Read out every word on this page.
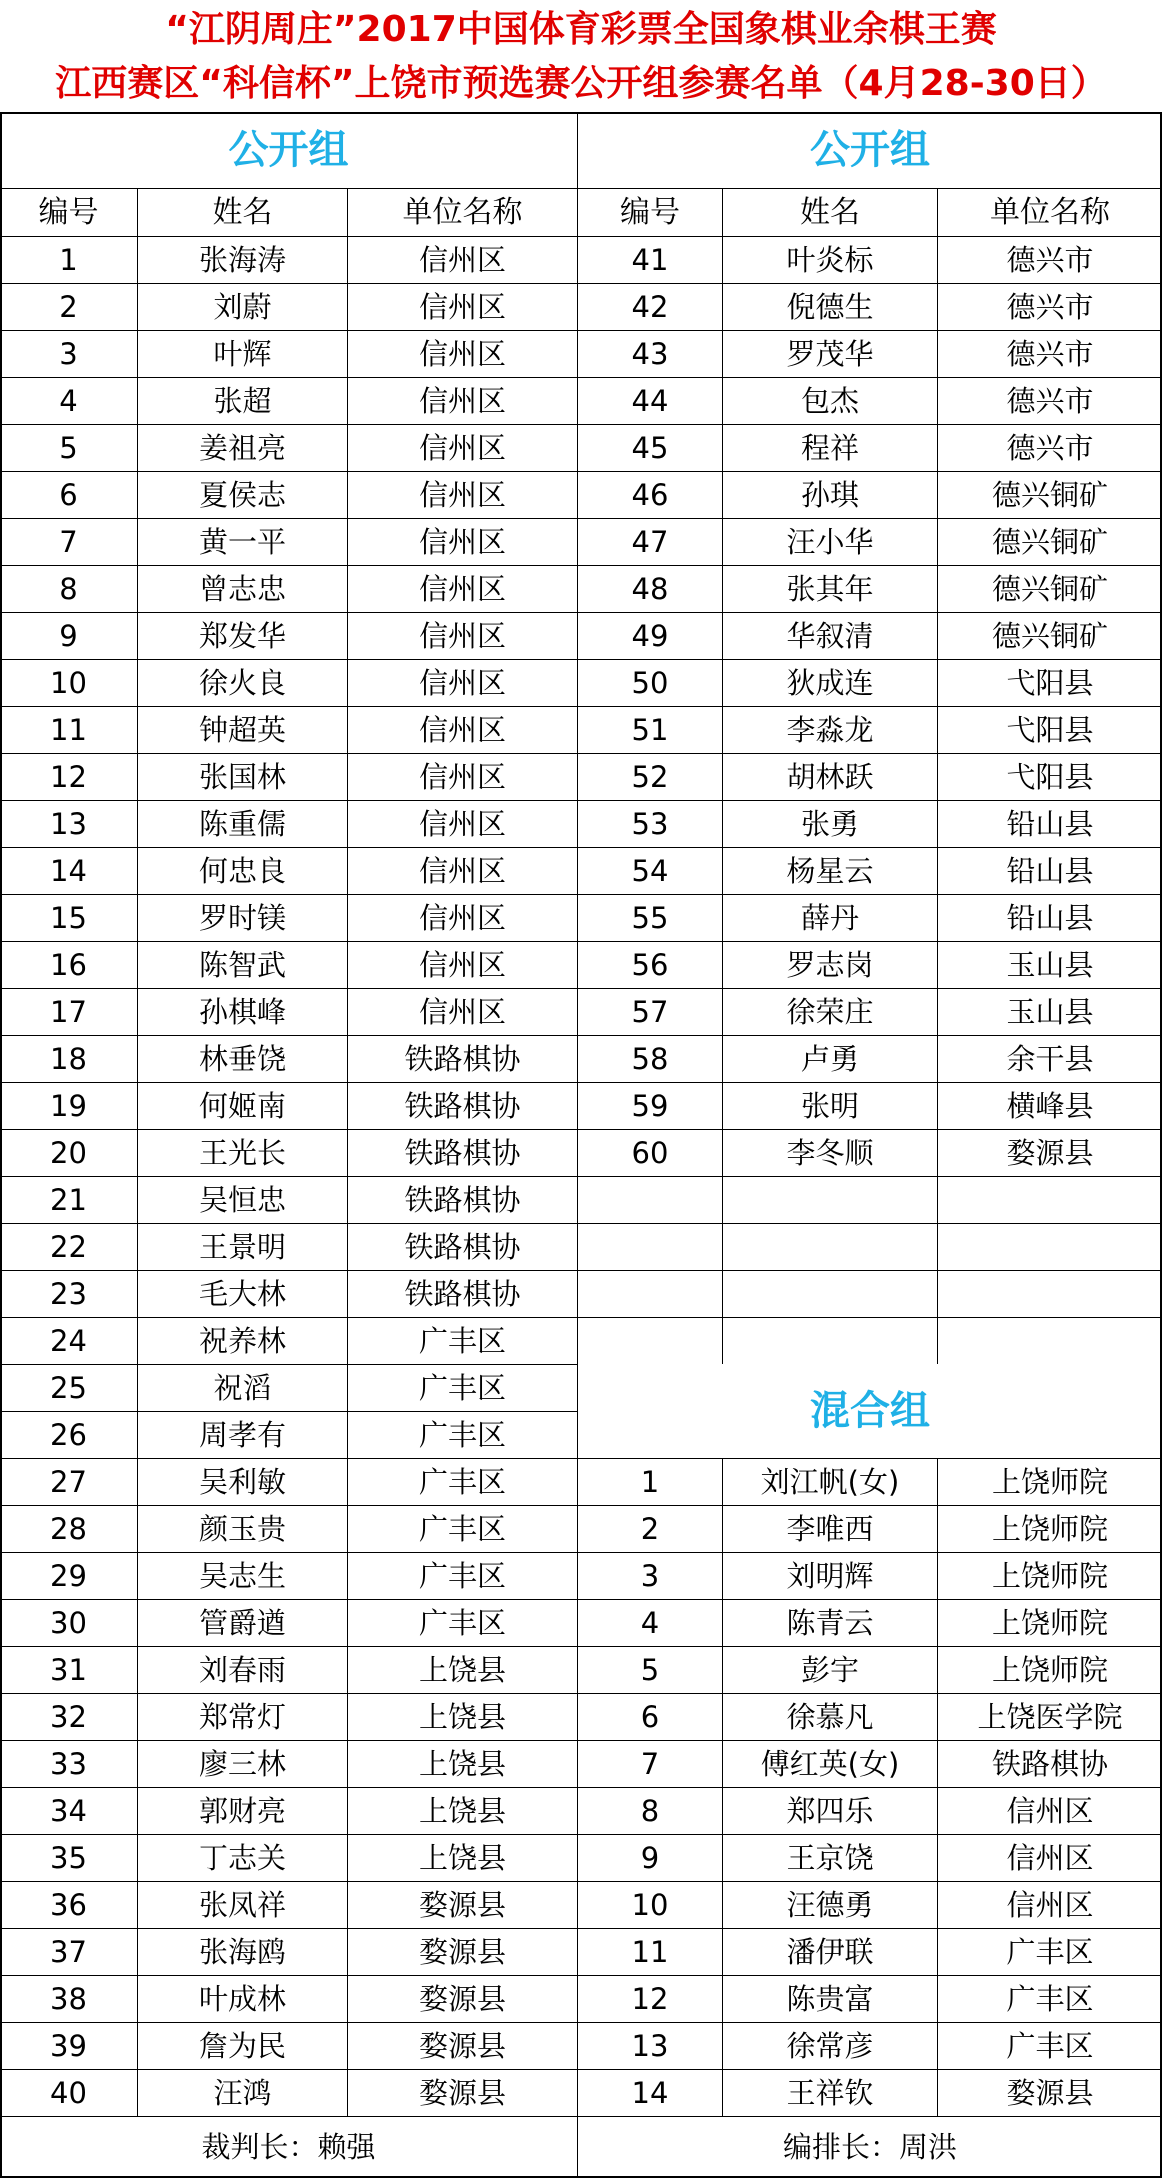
“江阴周庄”2017中国体育彩票全国象棋业余棋王赛
江西赛区“科信杯”上饶市预选赛公开组参赛名单（4月28-30日）
公开组	公开组
混合组
编号	姓名	单位名称	编号	姓名	单位名称
裁判长：赖强	编排长：周洪
1	张海涛	信州区
2	刘蔚	信州区
3	叶辉	信州区
4	张超	信州区
5	姜祖亮	信州区
6	夏侯志	信州区
7	黄一平	信州区
8	曾志忠	信州区
9	郑发华	信州区
10	徐火良	信州区
11	钟超英	信州区
12	张国林	信州区
13	陈重儒	信州区
14	何忠良	信州区
15	罗时镁	信州区
16	陈智武	信州区
17	孙棋峰	信州区
18	林垂饶	铁路棋协
19	何姬南	铁路棋协
20	王光长	铁路棋协
21	吴恒忠	铁路棋协
22	王景明	铁路棋协
23	毛大林	铁路棋协
24	祝养林	广丰区
25	祝滔	广丰区
26	周孝有	广丰区
27	吴利敏	广丰区
28	颜玉贵	广丰区
29	吴志生	广丰区
30	管爵遒	广丰区
31	刘春雨	上饶县
32	郑常灯	上饶县
33	廖三林	上饶县
34	郭财亮	上饶县
35	丁志关	上饶县
36	张凤祥	婺源县
37	张海鸥	婺源县
38	叶成林	婺源县
39	詹为民	婺源县
40	汪鸿	婺源县
41	叶炎标	德兴市
42	倪德生	德兴市
43	罗茂华	德兴市
44	包杰	德兴市
45	程祥	德兴市
46	孙琪	德兴铜矿
47	汪小华	德兴铜矿
48	张其年	德兴铜矿
49	华叙清	德兴铜矿
50	狄成连	弋阳县
51	李淼龙	弋阳县
52	胡林跃	弋阳县
53	张勇	铅山县
54	杨星云	铅山县
55	薛丹	铅山县
56	罗志岗	玉山县
57	徐荣庄	玉山县
58	卢勇	余干县
59	张明	横峰县
60	李冬顺	婺源县
1	刘江帆(女)	上饶师院
2	李唯西	上饶师院
3	刘明辉	上饶师院
4	陈青云	上饶师院
5	彭宇	上饶师院
6	徐慕凡	上饶医学院
7	傅红英(女)	铁路棋协
8	郑四乐	信州区
9	王京饶	信州区
10	汪德勇	信州区
11	潘伊联	广丰区
12	陈贵富	广丰区
13	徐常彦	广丰区
14	王祥钦	婺源县
